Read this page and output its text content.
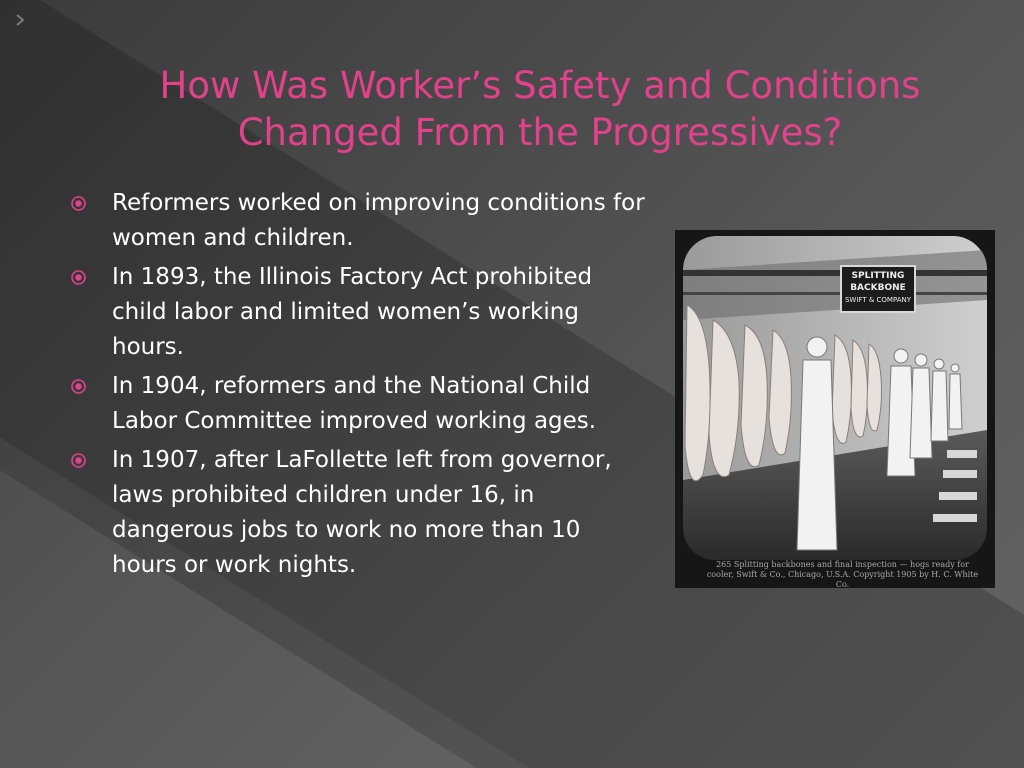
How Was Worker’s Safety and Conditions
Changed From the Progressives?
Reformers worked on improving conditions for women and children.
In 1893, the Illinois Factory Act prohibited child labor and limited women’s working hours.
In 1904, reformers and the National Child Labor Committee improved working ages.
In 1907, after LaFollette left from governor, laws prohibited children under 16, in dangerous jobs to work no more than 10 hours or work nights.
SPLITTING
BACKBONE
SWIFT & COMPANY
265 Splitting backbones and final inspection — hogs ready for
cooler, Swift & Co., Chicago, U.S.A. Copyright 1905 by H. C. White Co.
